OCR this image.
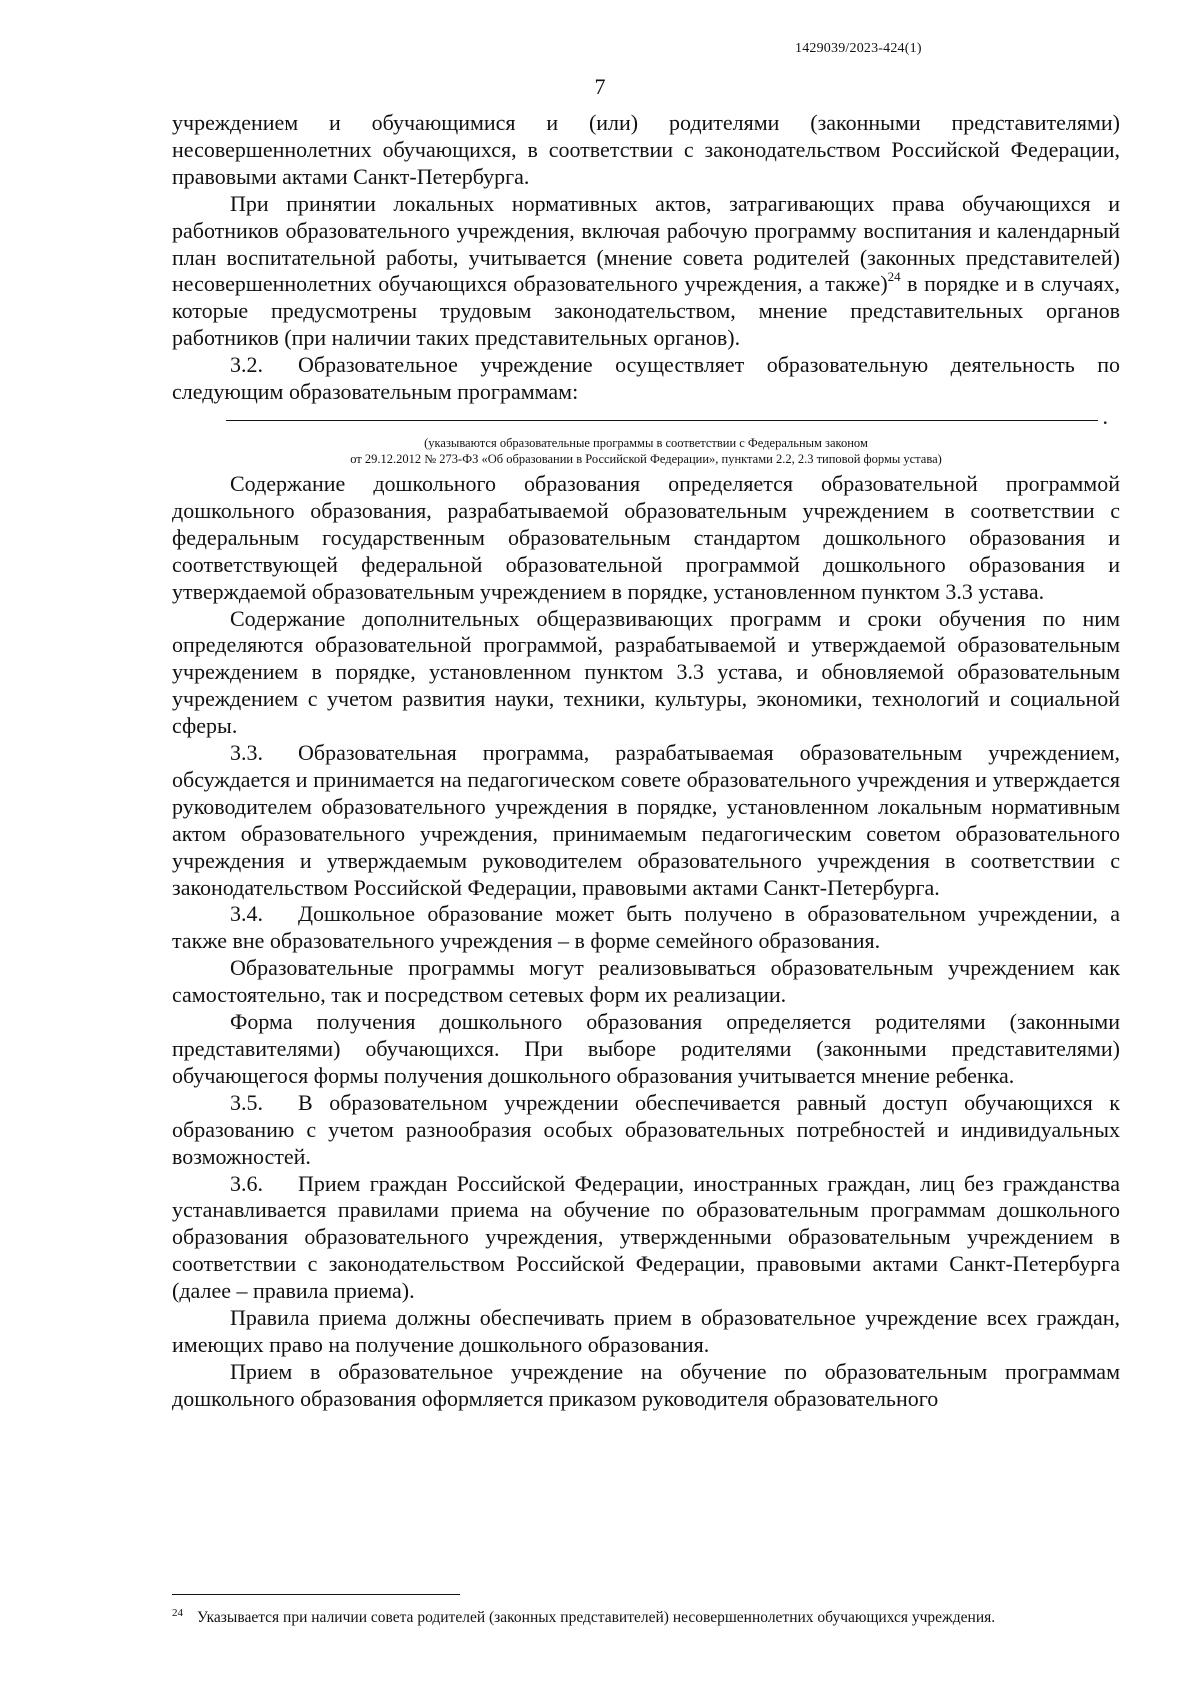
1429039/2023-424(1)
7

учреждением и обучающимися и (или) родителями (законными представителями) несовершеннолетних обучающихся, в соответствии с законодательством Российской Федерации, правовыми актами Санкт-Петербурга.

При принятии локальных нормативных актов, затрагивающих права обучающихся и работников образовательного учреждения, включая рабочую программу воспитания и календарный план воспитательной работы, учитывается (мнение совета родителей (законных представителей) несовершеннолетних обучающихся образовательного учреждения, а также)$^{24}$ в порядке и в случаях, которые предусмотрены трудовым законодательством, мнение представительных органов работников (при наличии таких представительных органов).

3.2. Образовательное учреждение осуществляет образовательную деятельность по следующим образовательным программам:

.
(указываются образовательные программы в соответствии с Федеральным законом
от 29.12.2012 № 273-ФЗ «Об образовании в Российской Федерации», пунктами 2.2, 2.3 типовой формы устава)

Содержание дошкольного образования определяется образовательной программой дошкольного образования, разрабатываемой образовательным учреждением в соответствии с федеральным государственным образовательным стандартом дошкольного образования и соответствующей федеральной образовательной программой дошкольного образования и утверждаемой образовательным учреждением в порядке, установленном пунктом 3.3 устава.

Содержание дополнительных общеразвивающих программ и сроки обучения по ним определяются образовательной программой, разрабатываемой и утверждаемой образовательным учреждением в порядке, установленном пунктом 3.3 устава, и обновляемой образовательным учреждением с учетом развития науки, техники, культуры, экономики, технологий и социальной сферы.

3.3. Образовательная программа, разрабатываемая образовательным учреждением, обсуждается и принимается на педагогическом совете образовательного учреждения и утверждается руководителем образовательного учреждения в порядке, установленном локальным нормативным актом образовательного учреждения, принимаемым педагогическим советом образовательного учреждения и утверждаемым руководителем образовательного учреждения в соответствии с законодательством Российской Федерации, правовыми актами Санкт-Петербурга.

3.4. Дошкольное образование может быть получено в образовательном учреждении, а также вне образовательного учреждения – в форме семейного образования.

Образовательные программы могут реализовываться образовательным учреждением как самостоятельно, так и посредством сетевых форм их реализации.

Форма получения дошкольного образования определяется родителями (законными представителями) обучающихся. При выборе родителями (законными представителями) обучающегося формы получения дошкольного образования учитывается мнение ребенка.

3.5. В образовательном учреждении обеспечивается равный доступ обучающихся к образованию с учетом разнообразия особых образовательных потребностей и индивидуальных возможностей.

3.6. Прием граждан Российской Федерации, иностранных граждан, лиц без гражданства устанавливается правилами приема на обучение по образовательным программам дошкольного образования образовательного учреждения, утвержденными образовательным учреждением в соответствии с законодательством Российской Федерации, правовыми актами Санкт-Петербурга (далее – правила приема).

Правила приема должны обеспечивать прием в образовательное учреждение всех граждан, имеющих право на получение дошкольного образования.

Прием в образовательное учреждение на обучение по образовательным программам дошкольного образования оформляется приказом руководителя образовательного

$^{24}$ Указывается при наличии совета родителей (законных представителей) несовершеннолетних обучающихся учреждения.
